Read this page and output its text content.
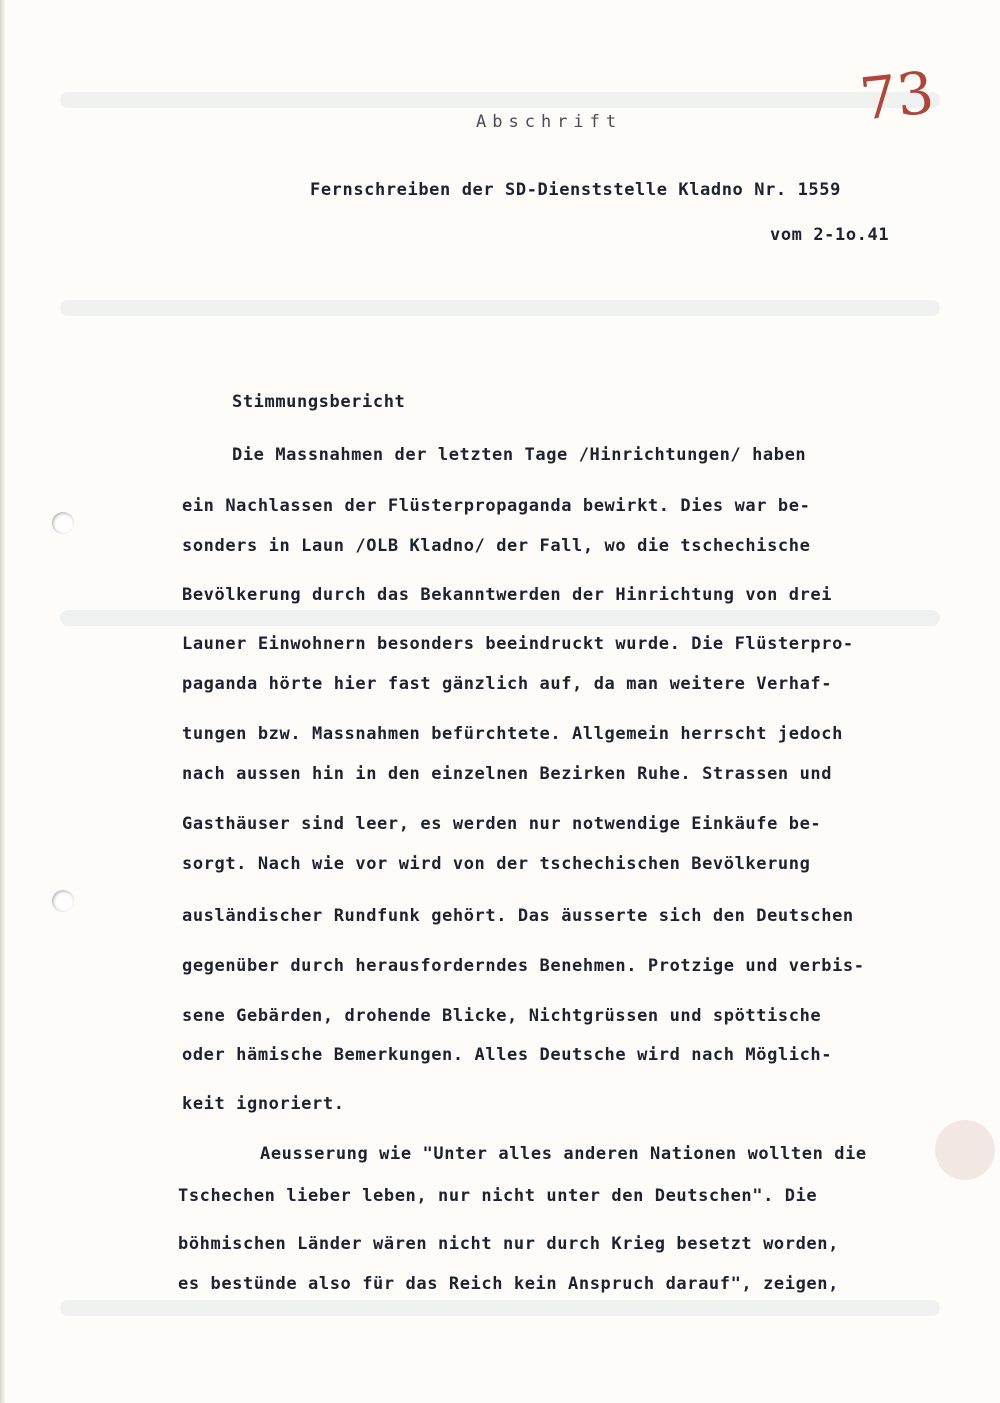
73
Abschrift
Fernschreiben der SD-Dienststelle Kladno Nr. 1559
vom 2-1o.41
Stimmungsbericht
Die Massnahmen der letzten Tage /Hinrichtungen/ haben
ein Nachlassen der Flüsterpropaganda bewirkt. Dies war be-
sonders in Laun /OLB Kladno/ der Fall, wo die tschechische
Bevölkerung durch das Bekanntwerden der Hinrichtung von drei
Launer Einwohnern besonders beeindruckt wurde. Die Flüsterpro-
paganda hörte hier fast gänzlich auf, da man weitere Verhaf-
tungen bzw. Massnahmen befürchtete. Allgemein herrscht jedoch
nach aussen hin in den einzelnen Bezirken Ruhe. Strassen und
Gasthäuser sind leer, es werden nur notwendige Einkäufe be-
sorgt. Nach wie vor wird von der tschechischen Bevölkerung
ausländischer Rundfunk gehört. Das äusserte sich den Deutschen
gegenüber durch herausforderndes Benehmen. Protzige und verbis-
sene Gebärden, drohende Blicke, Nichtgrüssen und spöttische
oder hämische Bemerkungen. Alles Deutsche wird nach Möglich-
keit ignoriert.
Aeusserung wie "Unter alles anderen Nationen wollten die
Tschechen lieber leben, nur nicht unter den Deutschen". Die
böhmischen Länder wären nicht nur durch Krieg besetzt worden,
es bestünde also für das Reich kein Anspruch darauf", zeigen,
